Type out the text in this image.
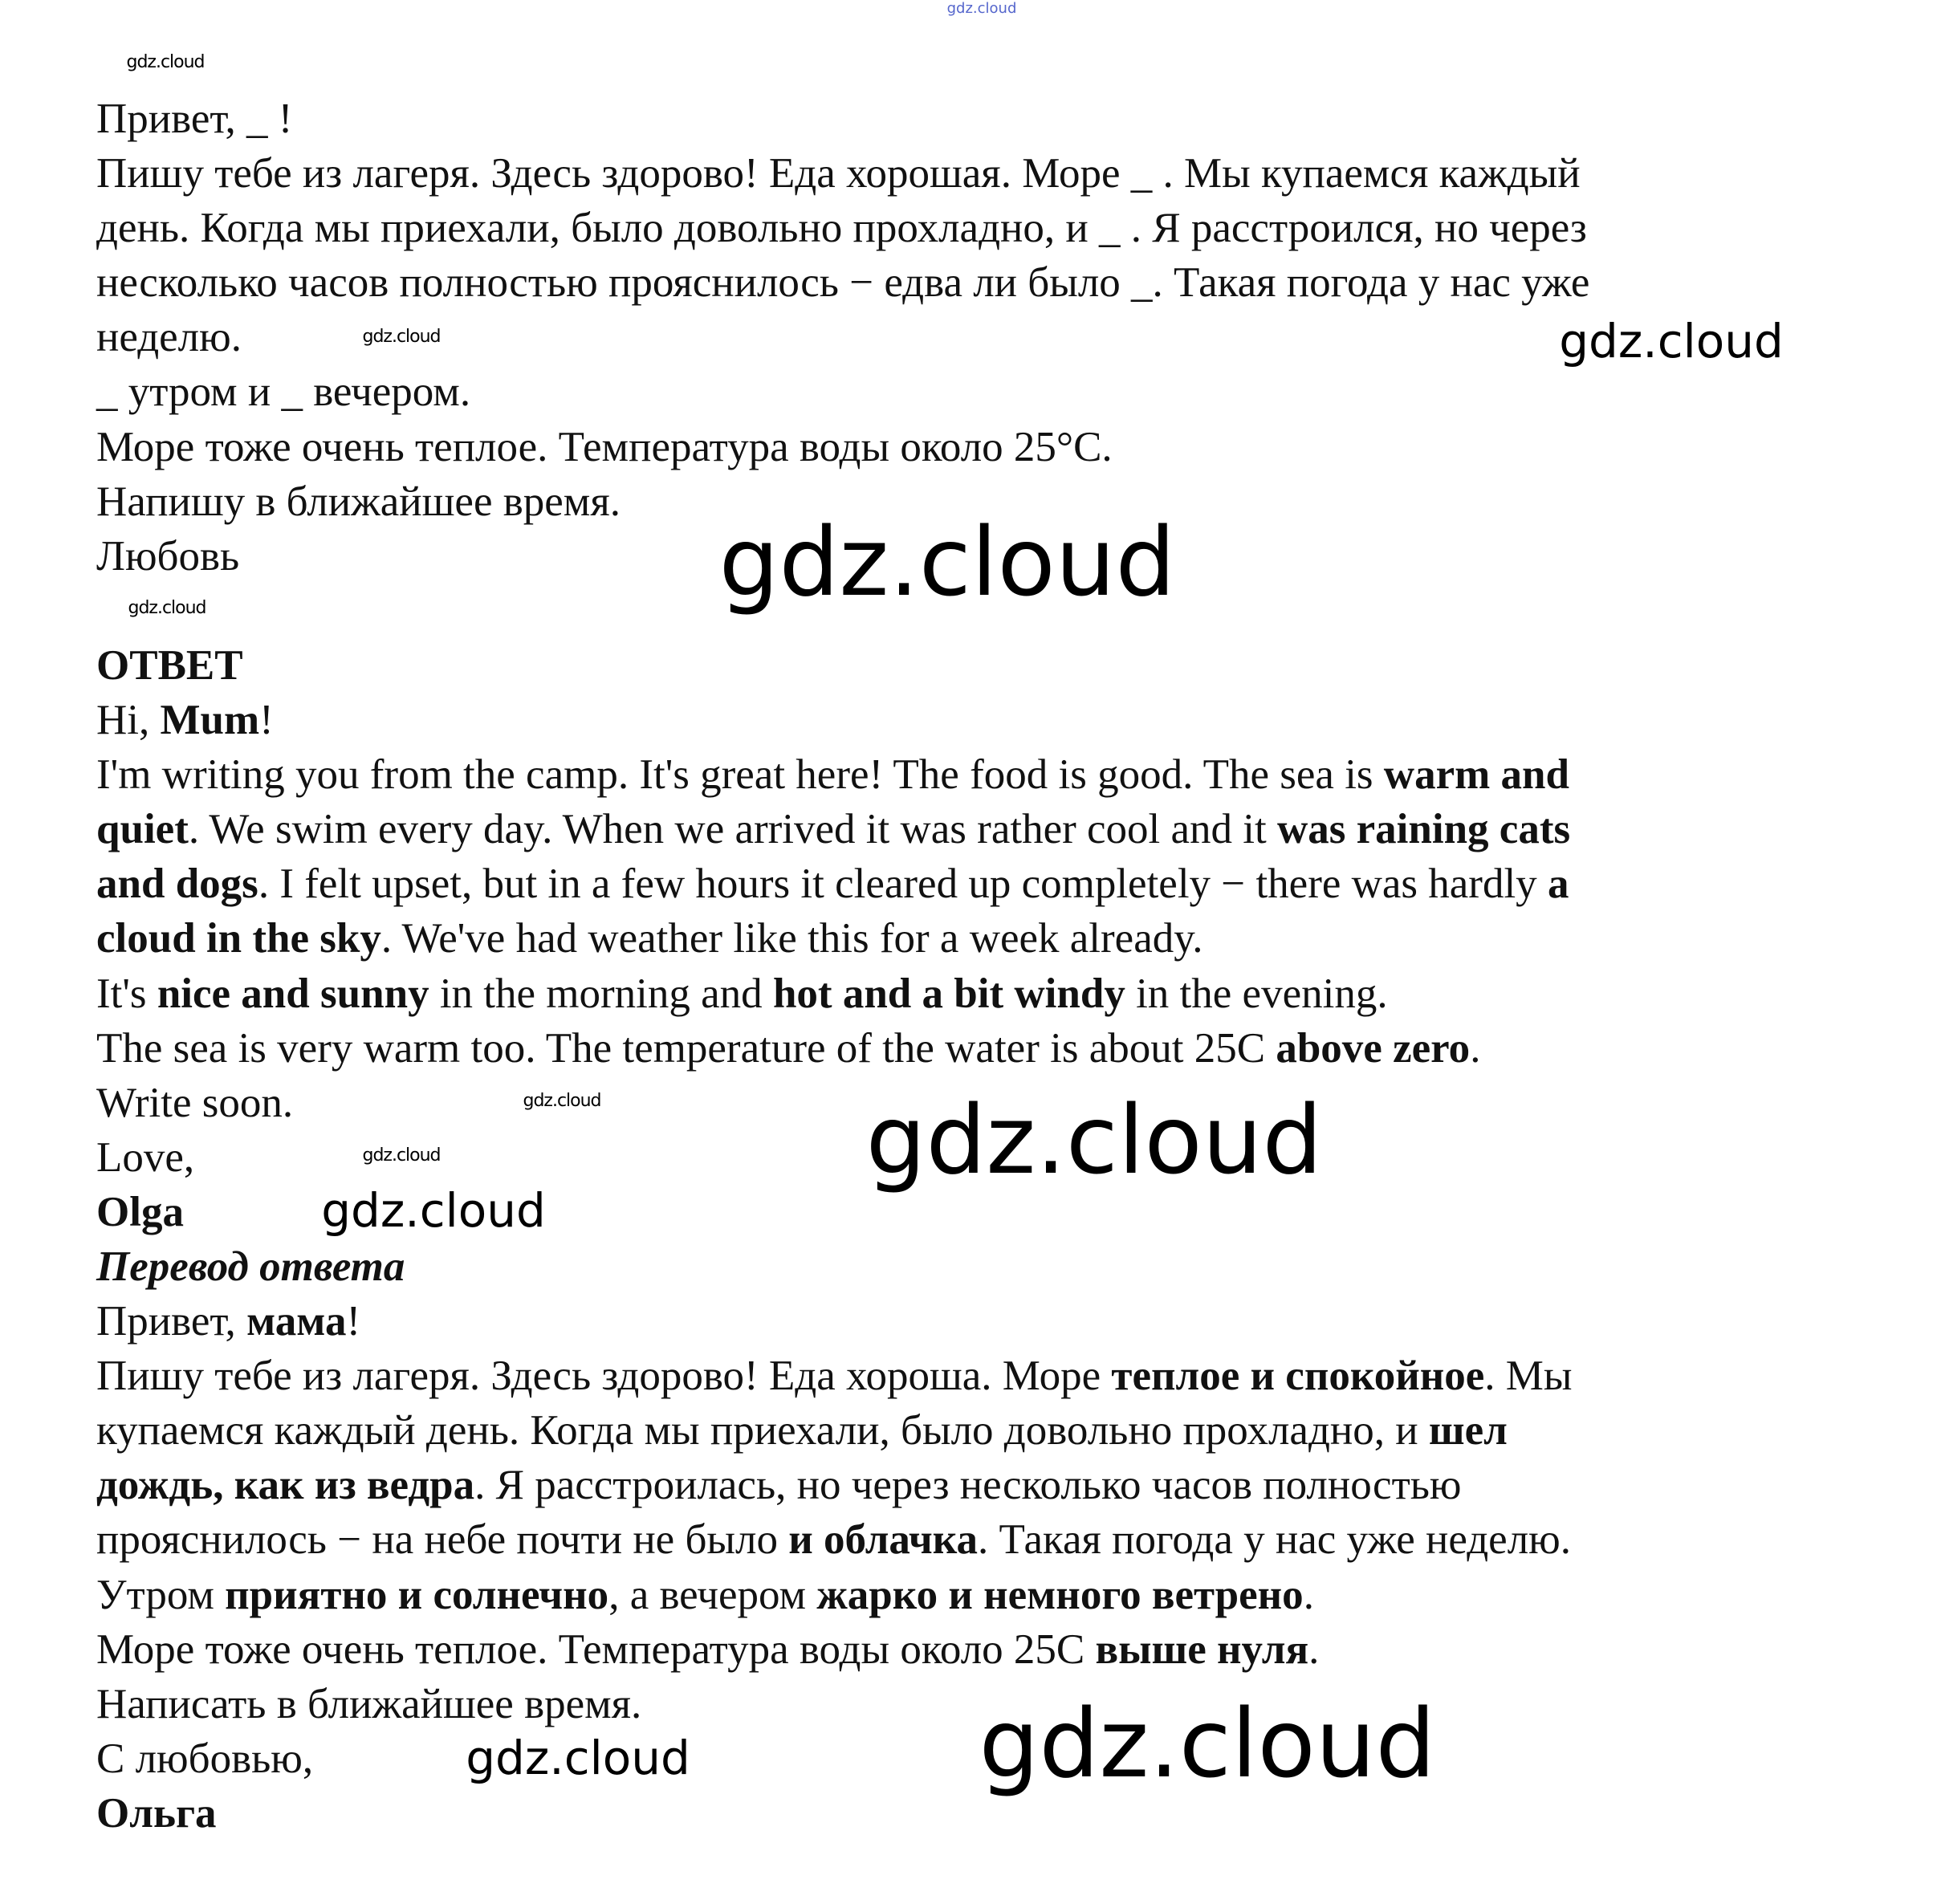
Привет, _ !
Пишу тебе из лагеря. Здесь здорово! Еда хорошая. Море _ . Мы купаемся каждый
день. Когда мы приехали, было довольно прохладно, и _ . Я расстроился, но через
несколько часов полностью прояснилось − едва ли было _. Такая погода у нас уже
неделю.
_ утром и _ вечером.
Море тоже очень теплое. Температура воды около 25°C.
Напишу в ближайшее время.
Любовь
ОТВЕТ
Hi, Mum!
I'm writing you from the camp. It's great here! The food is good. The sea is warm and
quiet. We swim every day. When we arrived it was rather cool and it was raining cats
and dogs. I felt upset, but in a few hours it cleared up completely − there was hardly a
cloud in the sky. We've had weather like this for a week already.
It's nice and sunny in the morning and hot and a bit windy in the evening.
The sea is very warm too. The temperature of the water is about 25C above zero.
Write soon.
Love,
Olga
Перевод ответа
Привет, мама!
Пишу тебе из лагеря. Здесь здорово! Еда хороша. Море теплое и спокойное. Мы
купаемся каждый день. Когда мы приехали, было довольно прохладно, и шел
дождь, как из ведра. Я расстроилась, но через несколько часов полностью
прояснилось − на небе почти не было и облачка. Такая погода у нас уже неделю.
Утром приятно и солнечно, а вечером жарко и немного ветрено.
Море тоже очень теплое. Температура воды около 25С выше нуля.
Написать в ближайшее время.
С любовью,
Ольга
gdz.cloud
gdz.cloud
gdz.cloud
gdz.cloud
gdz.cloud
gdz.cloud
gdz.cloud
gdz.cloud
gdz.cloud
gdz.cloud
gdz.cloud
gdz.cloud
